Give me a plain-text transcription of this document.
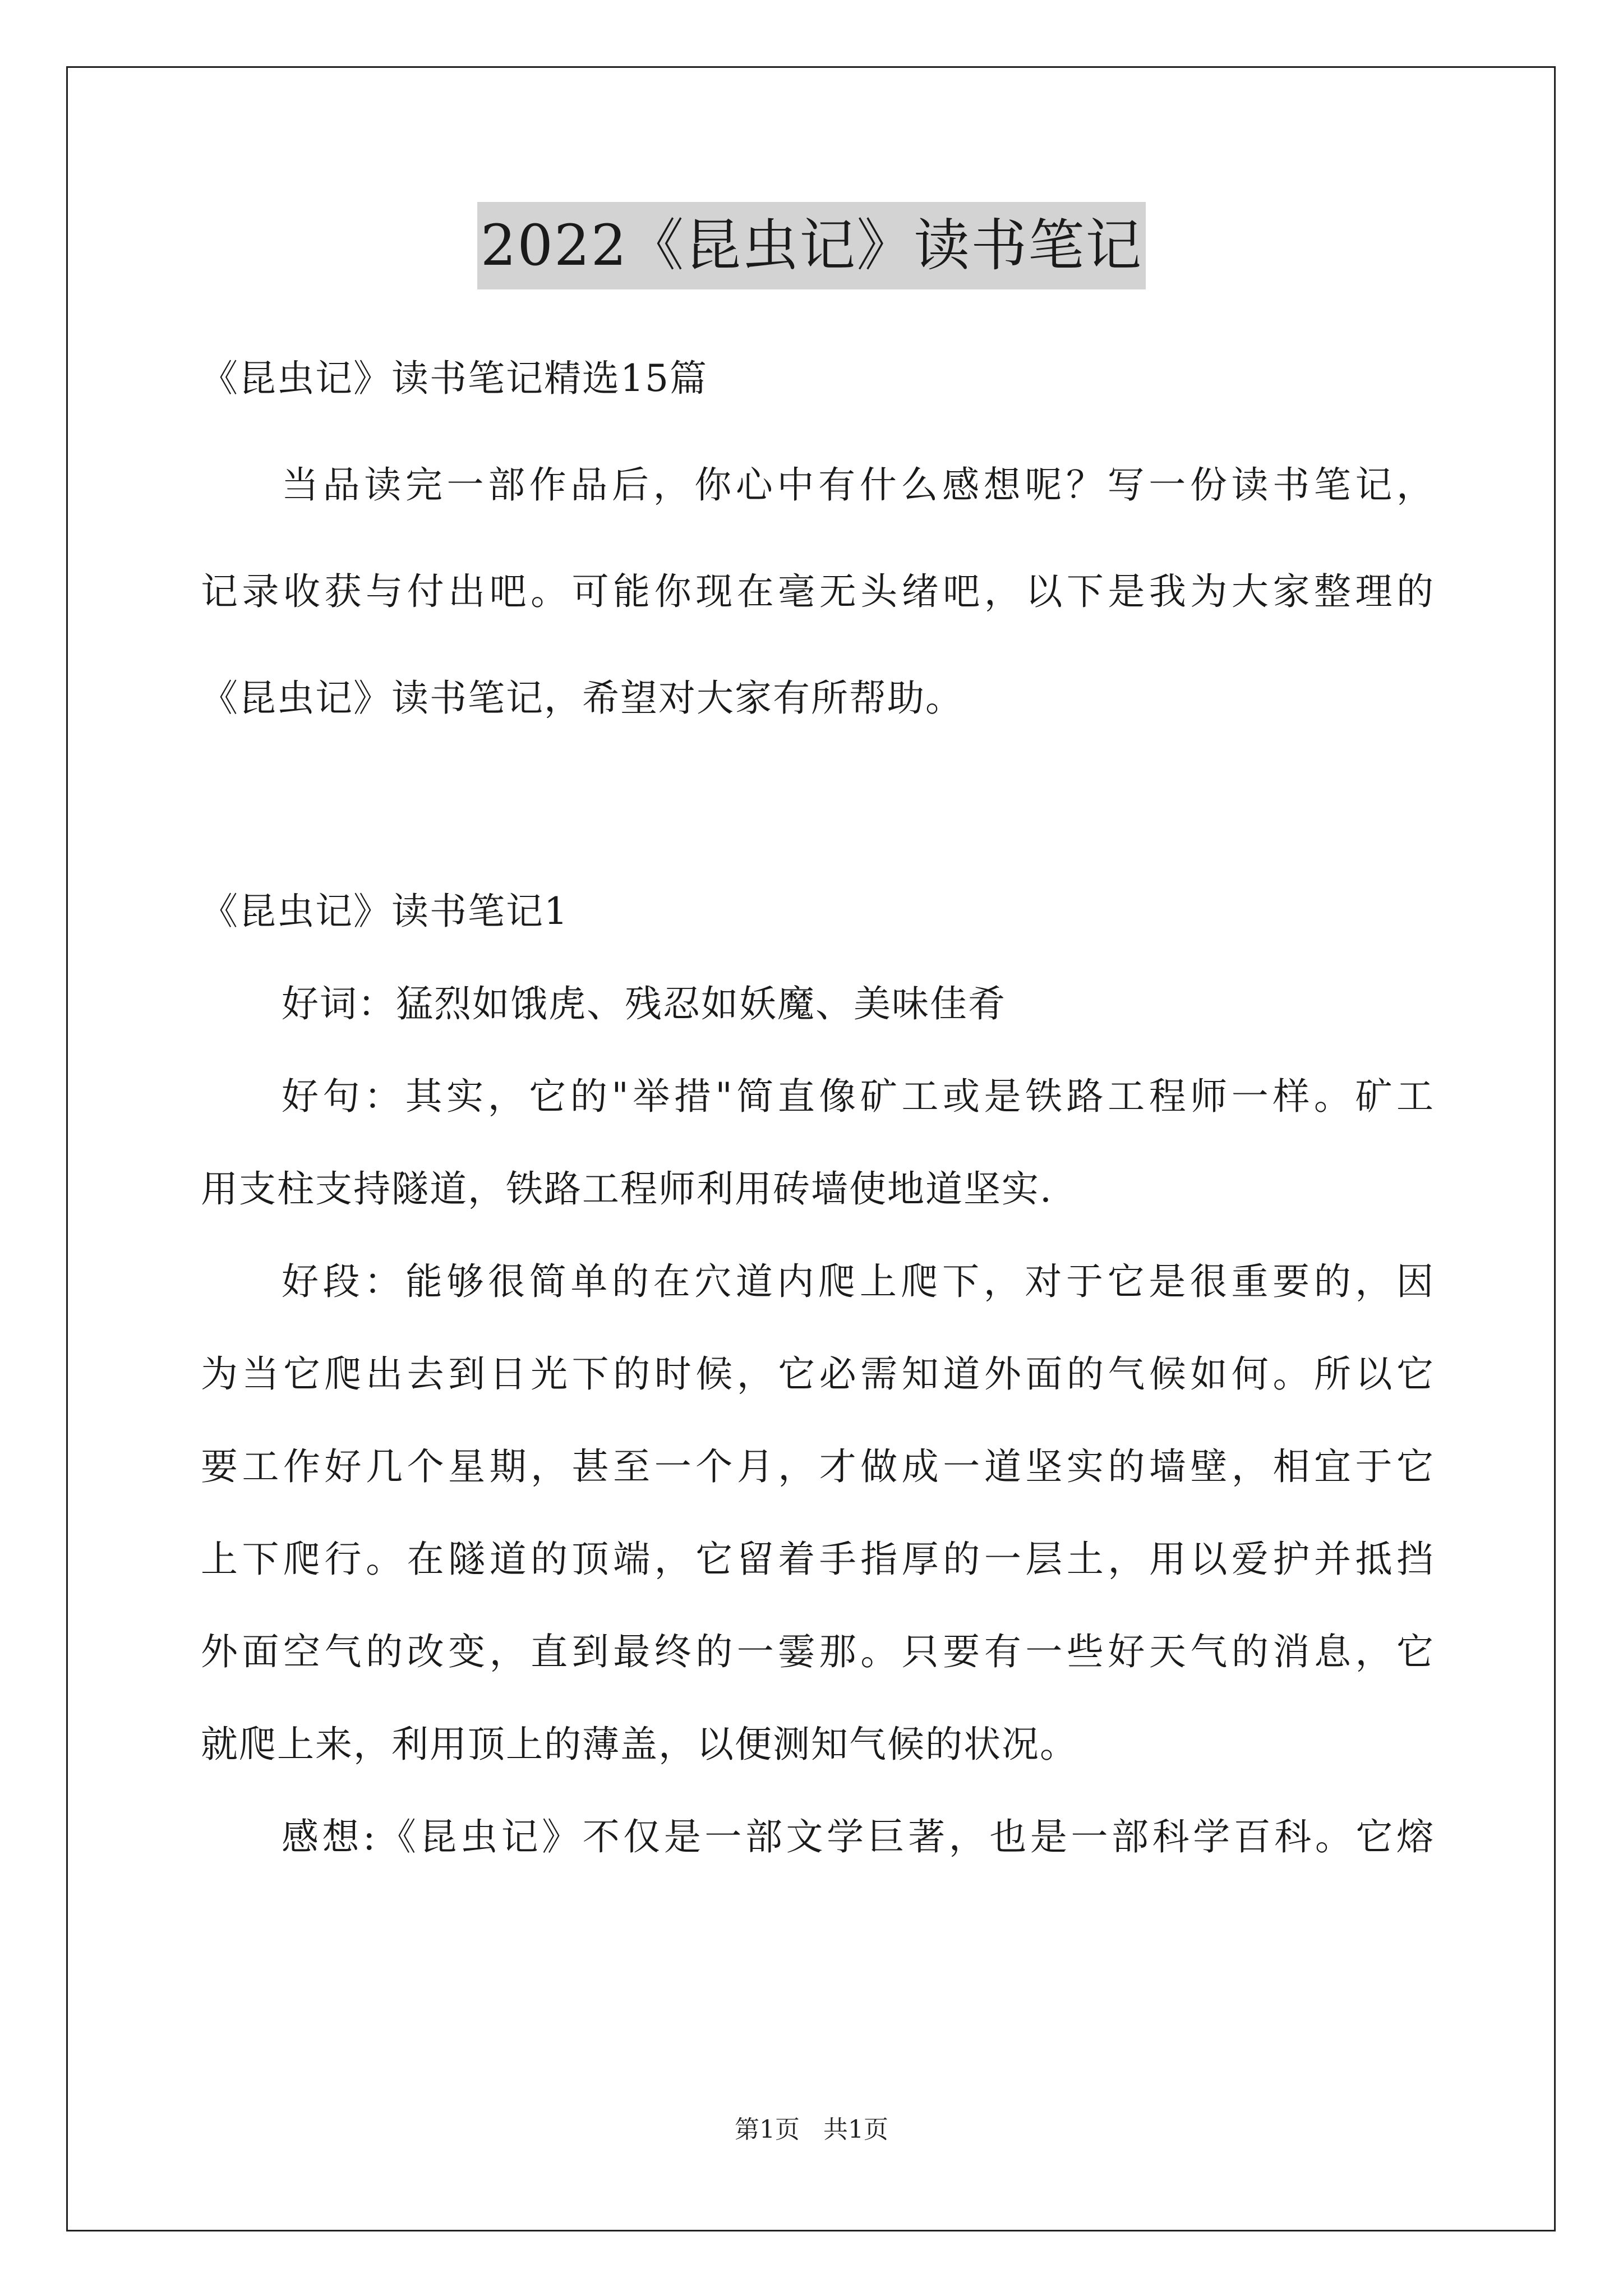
2022《昆虫记》读书笔记
《昆虫记》读书笔记精选15篇
当品读完一部作品后，你心中有什么感想呢？写一份读书笔记，
记录收获与付出吧。可能你现在毫无头绪吧，以下是我为大家整理的
《昆虫记》读书笔记，希望对大家有所帮助。
《昆虫记》读书笔记1
好词：猛烈如饿虎、残忍如妖魔、美味佳肴
好句：其实，它的"举措"简直像矿工或是铁路工程师一样。矿工
用支柱支持隧道，铁路工程师利用砖墙使地道坚实.
好段：能够很简单的在穴道内爬上爬下，对于它是很重要的，因
为当它爬出去到日光下的时候，它必需知道外面的气候如何。所以它
要工作好几个星期，甚至一个月，才做成一道坚实的墙壁，相宜于它
上下爬行。在隧道的顶端，它留着手指厚的一层土，用以爱护并抵挡
外面空气的改变，直到最终的一霎那。只要有一些好天气的消息，它
就爬上来，利用顶上的薄盖，以便测知气候的状况。
感想:《昆虫记》不仅是一部文学巨著，也是一部科学百科。它熔
第1页 共1页
